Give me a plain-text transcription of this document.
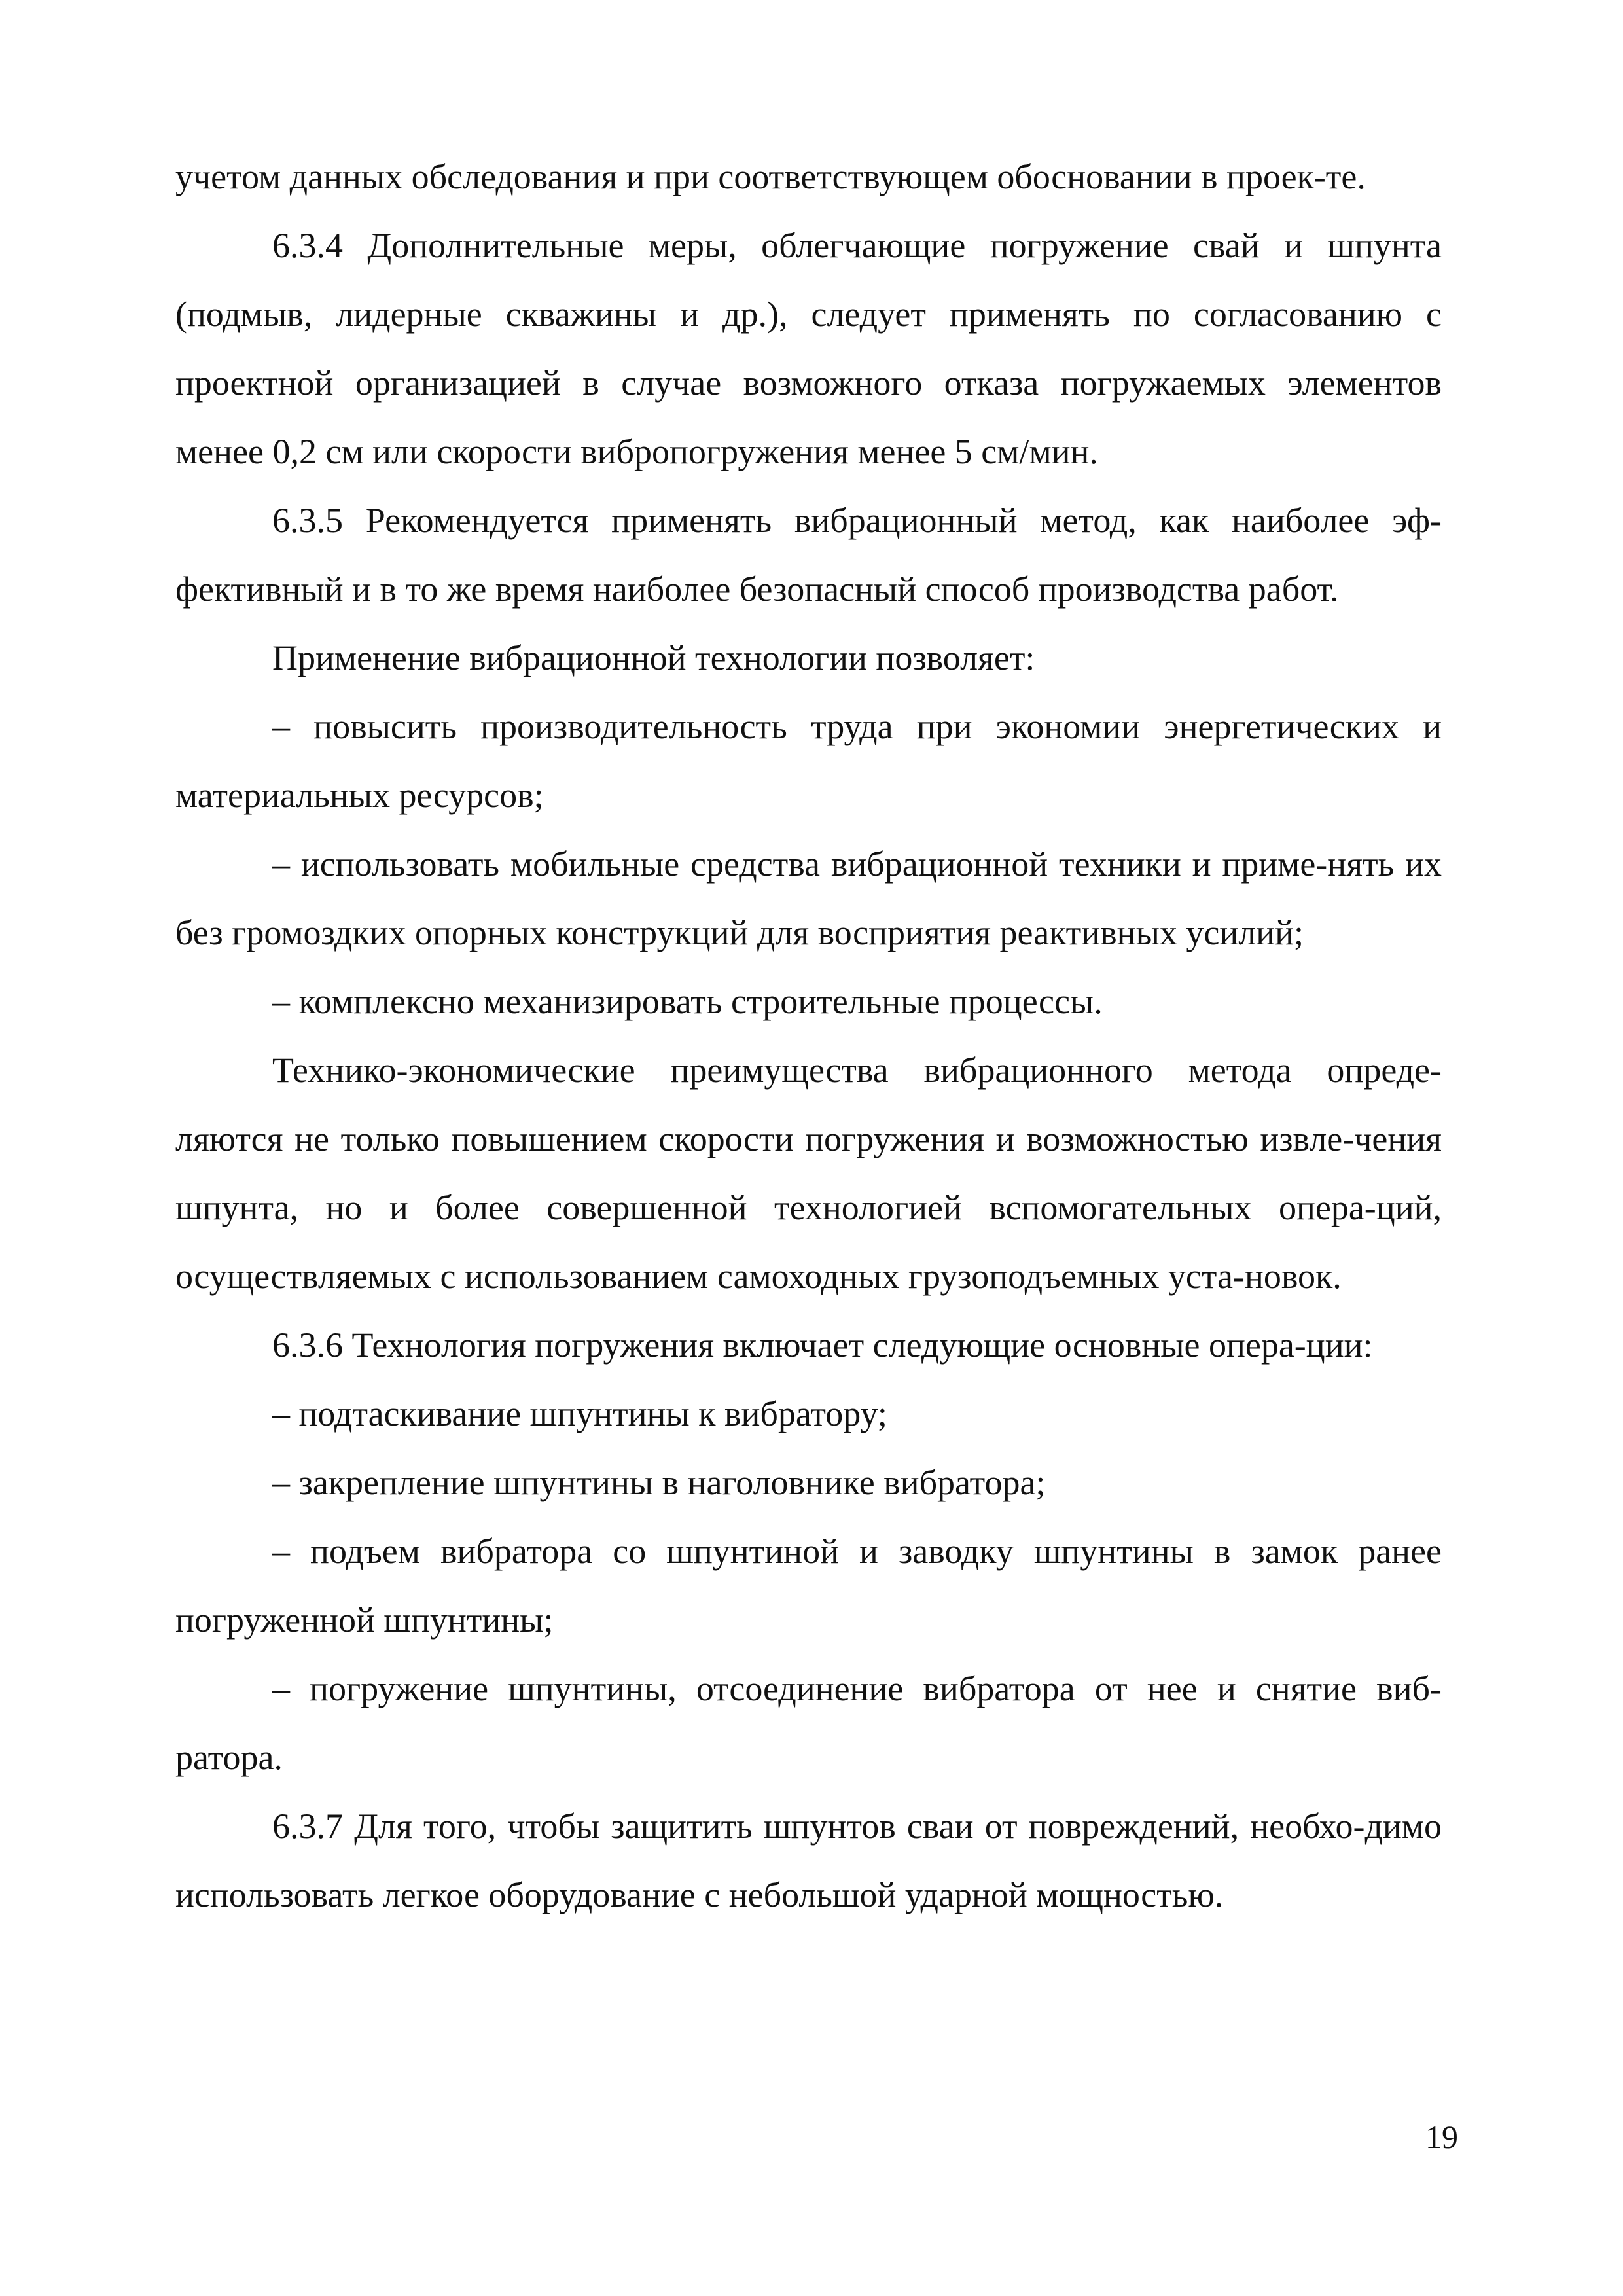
учетом данных обследования и при соответствующем обосновании в проек-те.

6.3.4 Дополнительные меры, облегчающие погружение свай и шпунта (подмыв, лидерные скважины и др.), следует применять по согласованию с проектной организацией в случае возможного отказа погружаемых элементов менее 0,2 см или скорости вибропогружения менее 5 см/мин.

6.3.5 Рекомендуется применять вибрационный метод, как наиболее эф-фективный и в то же время наиболее безопасный способ производства работ.

Применение вибрационной технологии позволяет:

– повысить производительность труда при экономии энергетических и материальных ресурсов;

– использовать мобильные средства вибрационной техники и приме-нять их без громоздких опорных конструкций для восприятия реактивных усилий;

– комплексно механизировать строительные процессы.

Технико-экономические преимущества вибрационного метода опреде-ляются не только повышением скорости погружения и возможностью извле-чения шпунта, но и более совершенной технологией вспомогательных опера-ций, осуществляемых с использованием самоходных грузоподъемных уста-новок.

6.3.6 Технология погружения включает следующие основные опера-ции:

– подтаскивание шпунтины к вибратору;

– закрепление шпунтины в наголовнике вибратора;

– подъем вибратора со шпунтиной и заводку шпунтины в замок ранее погруженной шпунтины;

– погружение шпунтины, отсоединение вибратора от нее и снятие виб-ратора.

6.3.7 Для того, чтобы защитить шпунтов сваи от повреждений, необхо-димо использовать легкое оборудование с небольшой ударной мощностью.

19
